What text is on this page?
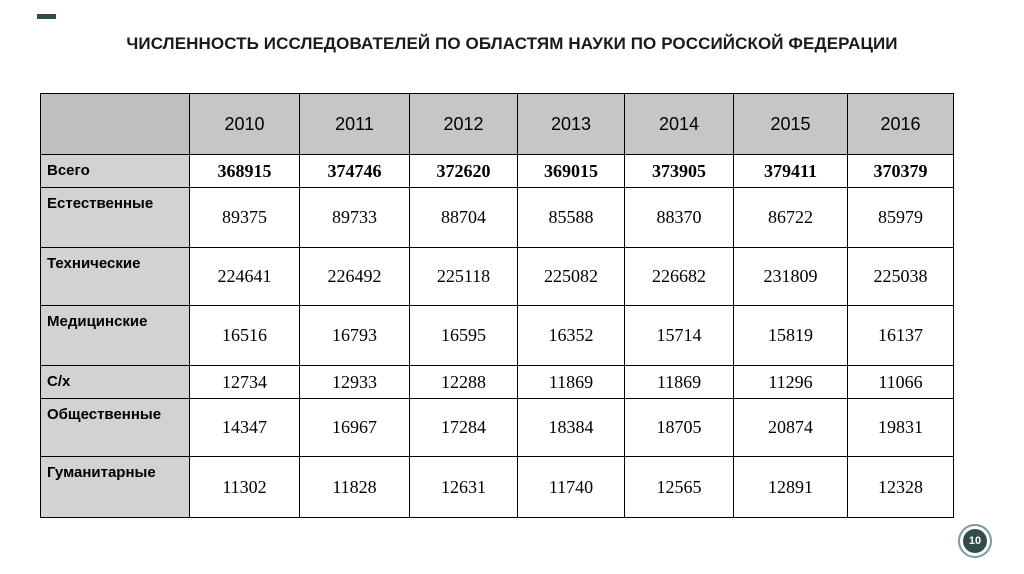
ЧИСЛЕННОСТЬ ИССЛЕДОВАТЕЛЕЙ ПО ОБЛАСТЯМ НАУКИ ПО РОССИЙСКОЙ ФЕДЕРАЦИИ
	2010	2011	2012	2013	2014	2015	2016
Всего	368915	374746	372620	369015	373905	379411	370379
Естественные	89375	89733	88704	85588	88370	86722	85979
Технические	224641	226492	225118	225082	226682	231809	225038
Медицинские	16516	16793	16595	16352	15714	15819	16137
С/х	12734	12933	12288	11869	11869	11296	11066
Общественные	14347	16967	17284	18384	18705	20874	19831
Гуманитарные	11302	11828	12631	11740	12565	12891	12328
10
